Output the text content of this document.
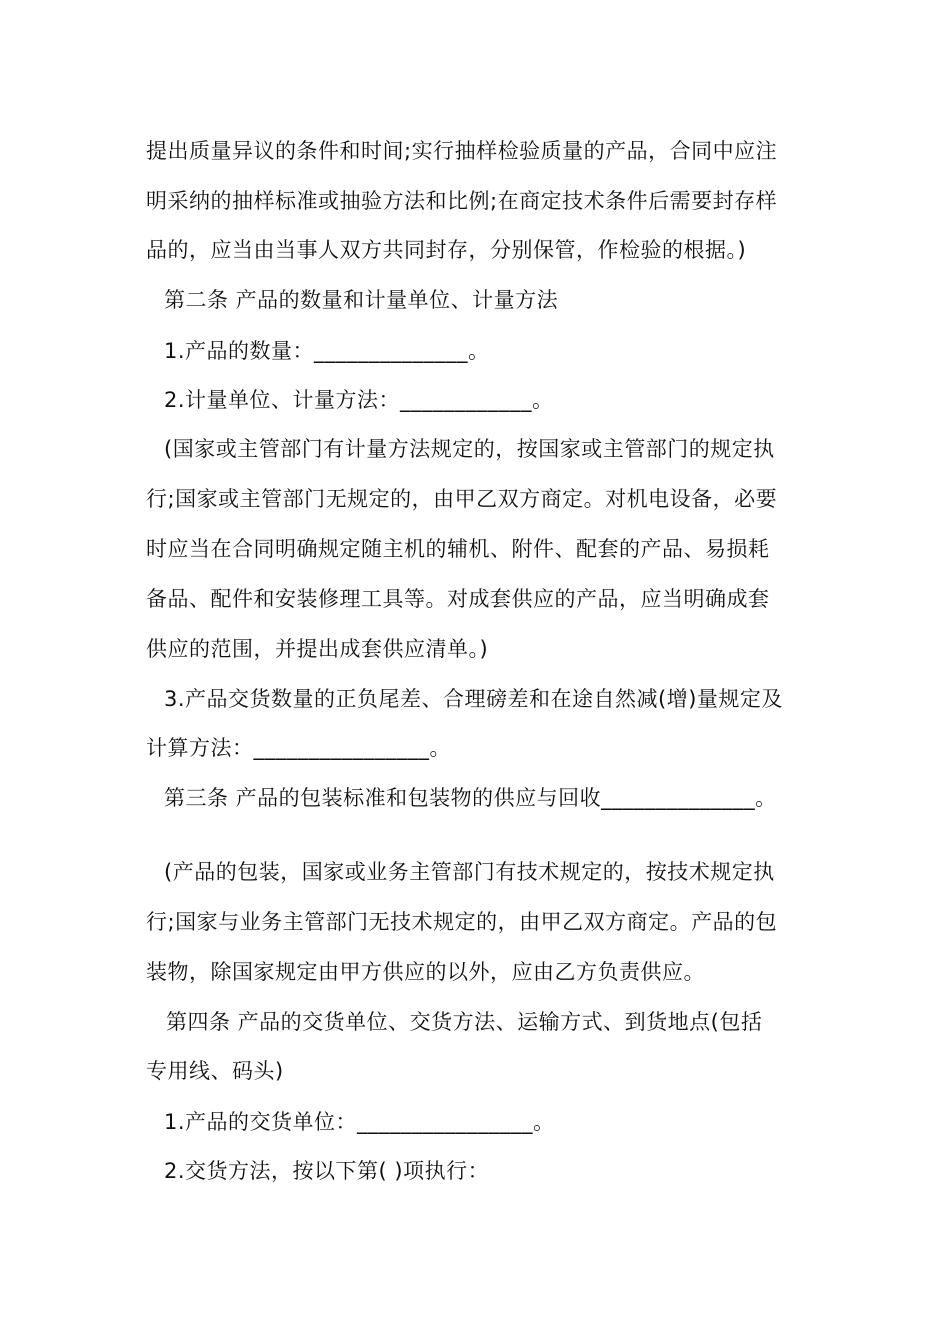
提出质量异议的条件和时间;实行抽样检验质量的产品，合同中应注
明采纳的抽样标准或抽验方法和比例;在商定技术条件后需要封存样
品的，应当由当事人双方共同封存，分别保管，作检验的根据。)
第二条 产品的数量和计量单位、计量方法
1.产品的数量：______________。
2.计量单位、计量方法：____________。
(国家或主管部门有计量方法规定的，按国家或主管部门的规定执
行;国家或主管部门无规定的，由甲乙双方商定。对机电设备，必要
时应当在合同明确规定随主机的辅机、附件、配套的产品、易损耗
备品、配件和安装修理工具等。对成套供应的产品，应当明确成套
供应的范围，并提出成套供应清单。)
3.产品交货数量的正负尾差、合理磅差和在途自然减(增)量规定及
计算方法：________________。
第三条 产品的包装标准和包装物的供应与回收______________。
(产品的包装，国家或业务主管部门有技术规定的，按技术规定执
行;国家与业务主管部门无技术规定的，由甲乙双方商定。产品的包
装物，除国家规定由甲方供应的以外，应由乙方负责供应。
第四条 产品的交货单位、交货方法、运输方式、到货地点(包括
专用线、码头)
1.产品的交货单位：________________。
2.交货方法，按以下第( )项执行：
